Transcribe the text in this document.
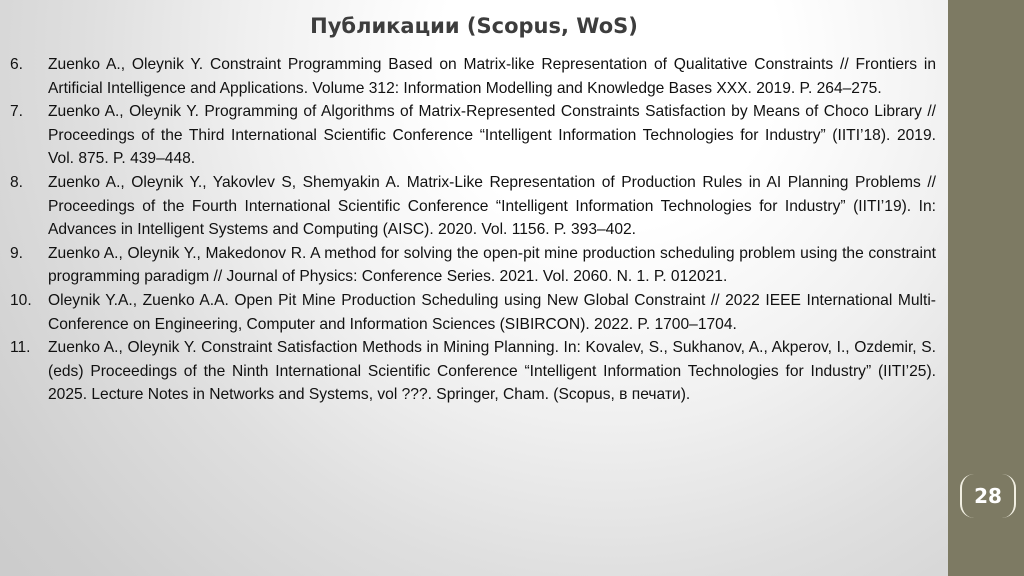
Публикации (Scopus, WoS)
6.	Zuenko A., Oleynik Y. Constraint Programming Based on Matrix-like Representation of Qualitative Constraints // Frontiers in Artificial Intelligence and Applications. Volume 312: Information Modelling and Knowledge Bases XXX. 2019. P. 264–275.
7.	Zuenko A., Oleynik Y. Programming of Algorithms of Matrix-Represented Constraints Satisfaction by Means of Choco Library // Proceedings of the Third International Scientific Conference “Intelligent Information Technologies for Industry” (IITI’18). 2019. Vol. 875. P. 439–448.
8.	Zuenko A., Oleynik Y., Yakovlev S, Shemyakin A. Matrix-Like Representation of Production Rules in AI Planning Problems // Proceedings of the Fourth International Scientific Conference “Intelligent Information Technologies for Industry” (IITI’19). In: Advances in Intelligent Systems and Computing (AISC). 2020. Vol. 1156. P. 393–402.
9.	Zuenko A., Oleynik Y., Makedonov R. A method for solving the open-pit mine production scheduling problem using the constraint programming paradigm // Journal of Physics: Conference Series. 2021. Vol. 2060. N. 1. P. 012021.
10.	Oleynik Y.A., Zuenko A.A. Open Pit Mine Production Scheduling using New Global Constraint // 2022 IEEE International Multi-Conference on Engineering, Computer and Information Sciences (SIBIRCON). 2022. P. 1700–1704.
11.	Zuenko A., Oleynik Y. Constraint Satisfaction Methods in Mining Planning. In: Kovalev, S., Sukhanov, A., Akperov, I., Ozdemir, S. (eds) Proceedings of the Ninth International Scientific Conference “Intelligent Information Technologies for Industry” (IITI’25). 2025. Lecture Notes in Networks and Systems, vol ???. Springer, Cham. (Scopus, в печати).
28
